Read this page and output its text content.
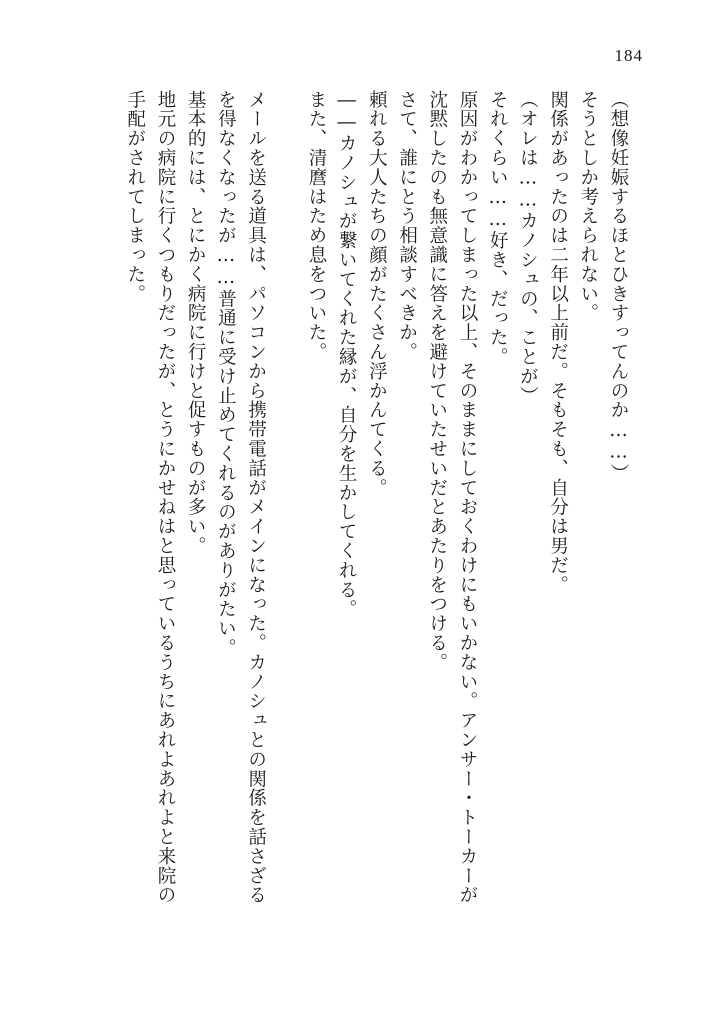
184
（想像妊娠するほとひきすってんのか……）
そうとしか考えられない。
関係があったのは二年以上前だ。そもそも、自分は男だ。
（オレは……カノシュの、ことが）
それくらい……好き、だった。
原因がわかってしまった以上、そのままにしておくわけにもいかない。アンサー・トーカーが
沈黙したのも無意識に答えを避けていたせいだとあたりをつける。
さて、誰にとう相談すべきか。
頼れる大人たちの顔がたくさん浮かんてくる。
――カノシュが繋いてくれた縁が、自分を生かしてくれる。
また、清麿はため息をついた。
メールを送る道具は、パソコンから携帯電話がメインになった。カノシュとの関係を話さざる
を得なくなったが……普通に受け止めてくれるのがありがたい。
基本的には、とにかく病院に行けと促すものが多い。
地元の病院に行くつもりだったが、とうにかせねはと思っているうちにあれよあれよと来院の
手配がされてしまった。
